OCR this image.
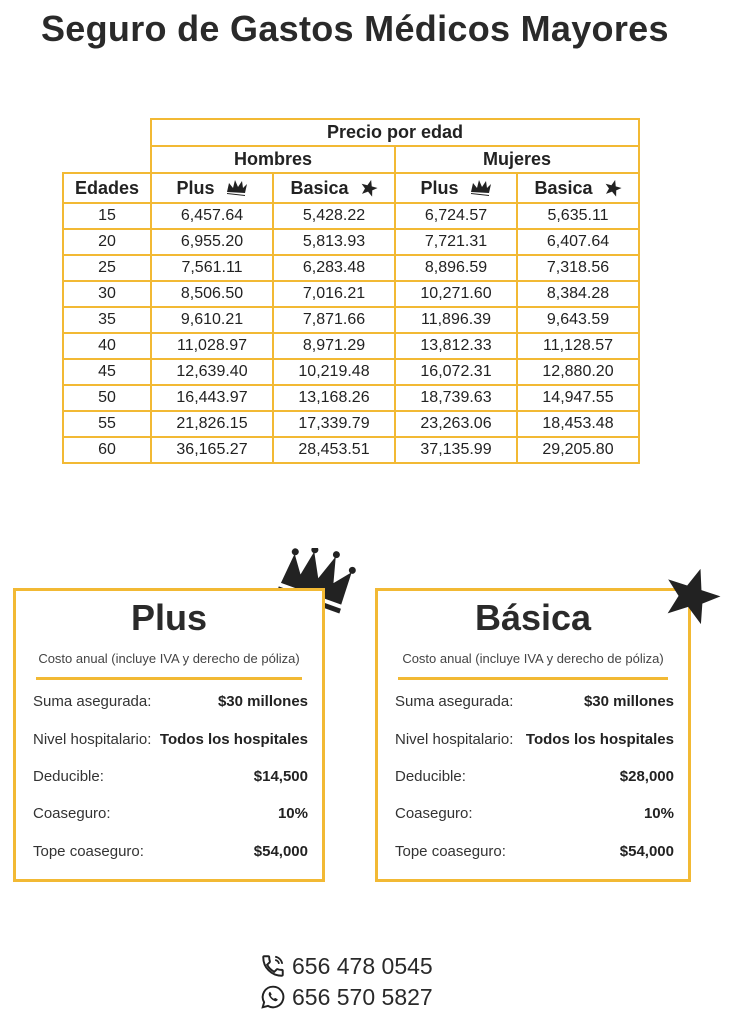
Seguro de Gastos Médicos Mayores
	Precio por edad			
	Hombres		Mujeres	
Edades	Plus	Basica	Plus	Basica
15	6,457.64	5,428.22	6,724.57	5,635.11
20	6,955.20	5,813.93	7,721.31	6,407.64
25	7,561.11	6,283.48	8,896.59	7,318.56
30	8,506.50	7,016.21	10,271.60	8,384.28
35	9,610.21	7,871.66	11,896.39	9,643.59
40	11,028.97	8,971.29	13,812.33	11,128.57
45	12,639.40	10,219.48	16,072.31	12,880.20
50	16,443.97	13,168.26	18,739.63	14,947.55
55	21,826.15	17,339.79	23,263.06	18,453.48
60	36,165.27	28,453.51	37,135.99	29,205.80
Plus
Costo anual (incluye IVA y derecho de póliza)
Suma asegurada:	$30 millones
Nivel hospitalario: Todos los hospitales
Deducible:	$14,500
Coaseguro:	10%
Tope coaseguro:	$54,000
Básica
Costo anual (incluye IVA y derecho de póliza)
Suma asegurada:	$30 millones
Nivel hospitalario: Todos los hospitales
Deducible:	$28,000
Coaseguro:	10%
Tope coaseguro:	$54,000
656 478 0545
656 570 5827
